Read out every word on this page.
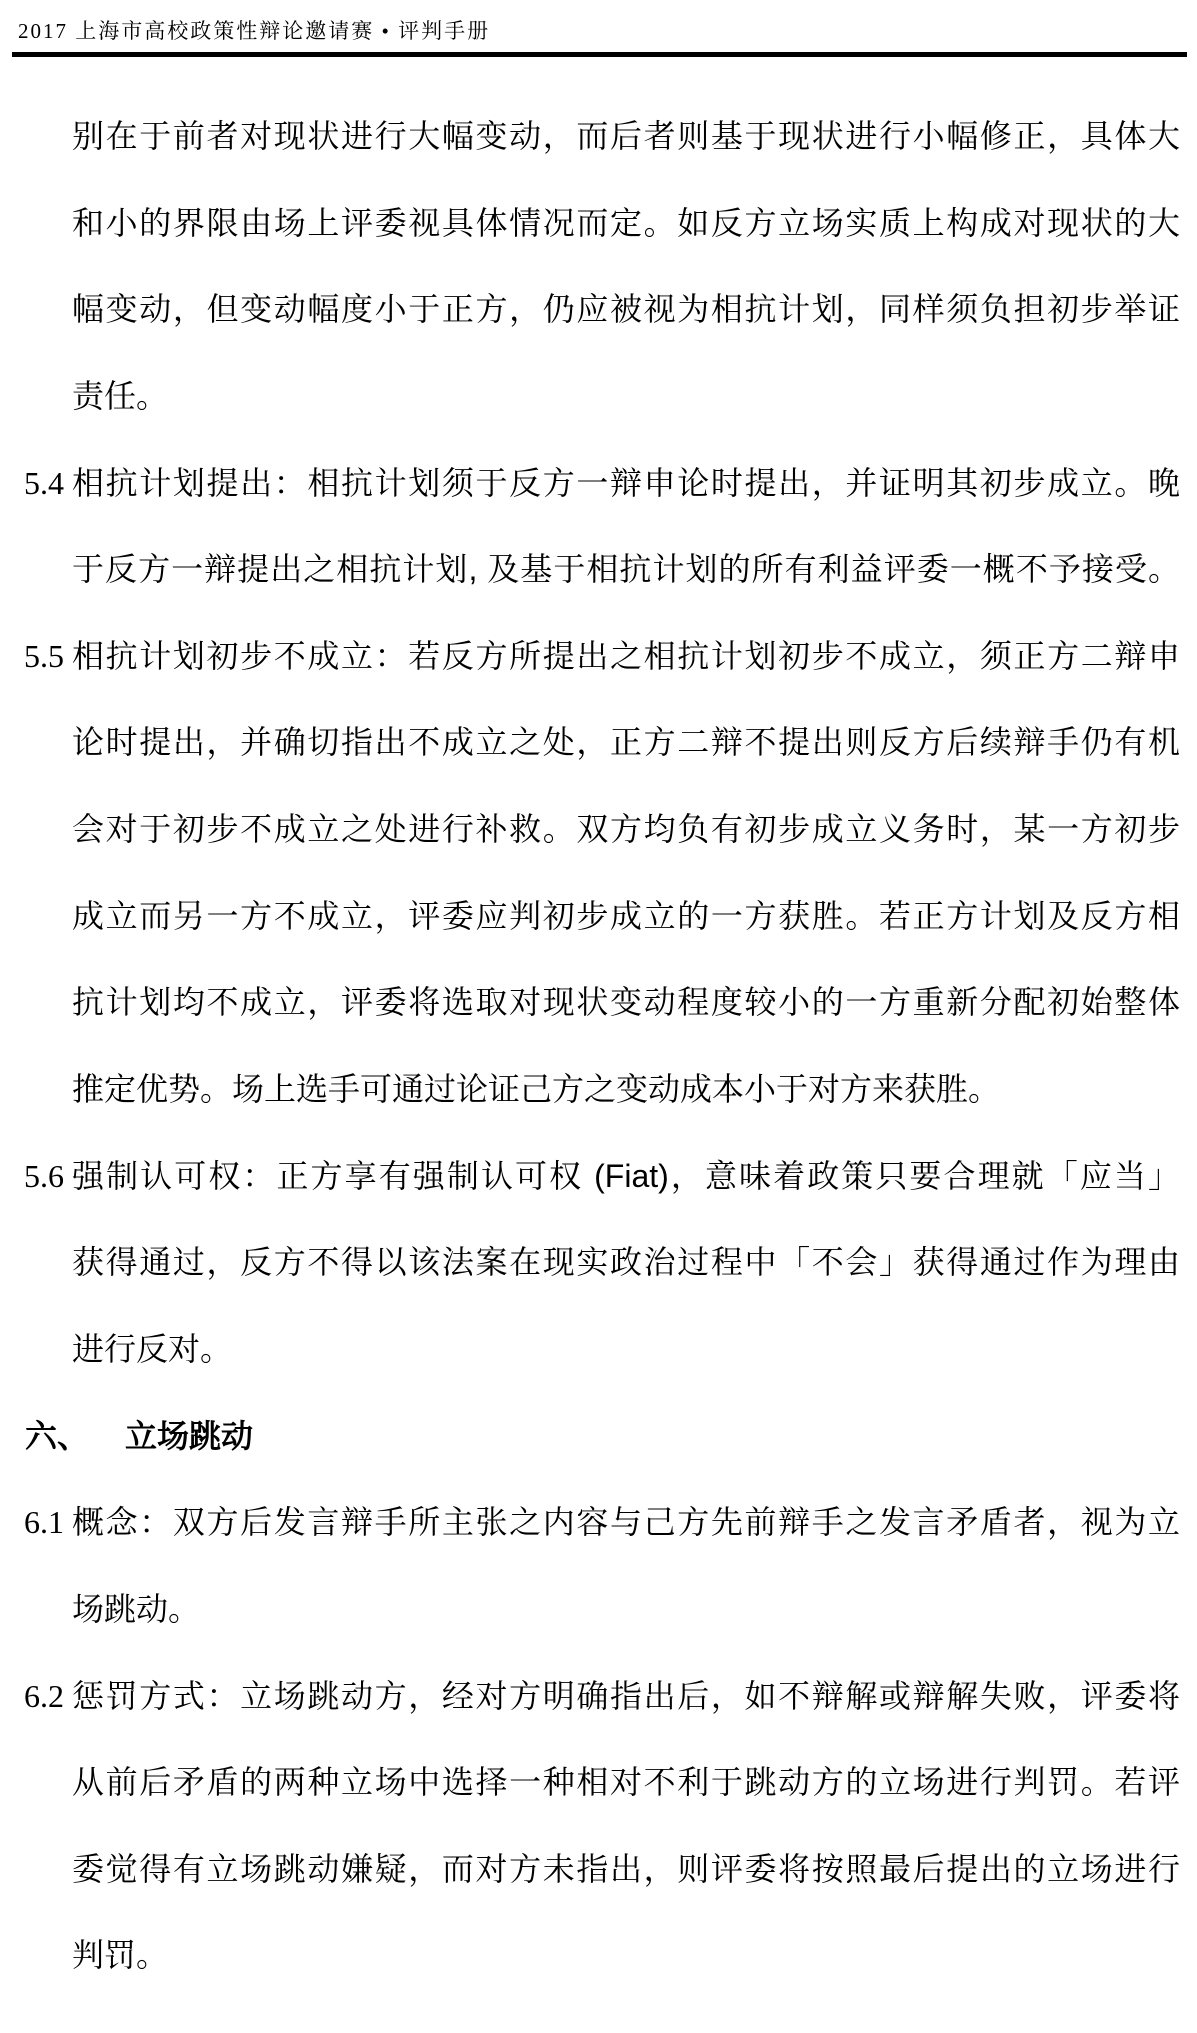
2017 上海市高校政策性辩论邀请赛 • 评判手册
别在于前者对现状进行大幅变动，而后者则基于现状进行小幅修正，具体大
和小的界限由场上评委视具体情况而定。如反方立场实质上构成对现状的大
幅变动，但变动幅度小于正方，仍应被视为相抗计划，同样须负担初步举证
责任。
5.4 相抗计划提出：相抗计划须于反方一辩申论时提出，并证明其初步成立。晚
于反方一辩提出之相抗计划, 及基于相抗计划的所有利益评委一概不予接受。
5.5 相抗计划初步不成立：若反方所提出之相抗计划初步不成立，须正方二辩申
论时提出，并确切指出不成立之处，正方二辩不提出则反方后续辩手仍有机
会对于初步不成立之处进行补救。双方均负有初步成立义务时，某一方初步
成立而另一方不成立，评委应判初步成立的一方获胜。若正方计划及反方相
抗计划均不成立，评委将选取对现状变动程度较小的一方重新分配初始整体
推定优势。场上选手可通过论证己方之变动成本小于对方来获胜。
5.6 强制认可权：正方享有强制认可权 (Fiat)，意味着政策只要合理就「应当」
获得通过，反方不得以该法案在现实政治过程中「不会」获得通过作为理由
进行反对。
六、 立场跳动
6.1 概念：双方后发言辩手所主张之内容与己方先前辩手之发言矛盾者，视为立
场跳动。
6.2 惩罚方式：立场跳动方，经对方明确指出后，如不辩解或辩解失败，评委将
从前后矛盾的两种立场中选择一种相对不利于跳动方的立场进行判罚。若评
委觉得有立场跳动嫌疑，而对方未指出，则评委将按照最后提出的立场进行
判罚。
